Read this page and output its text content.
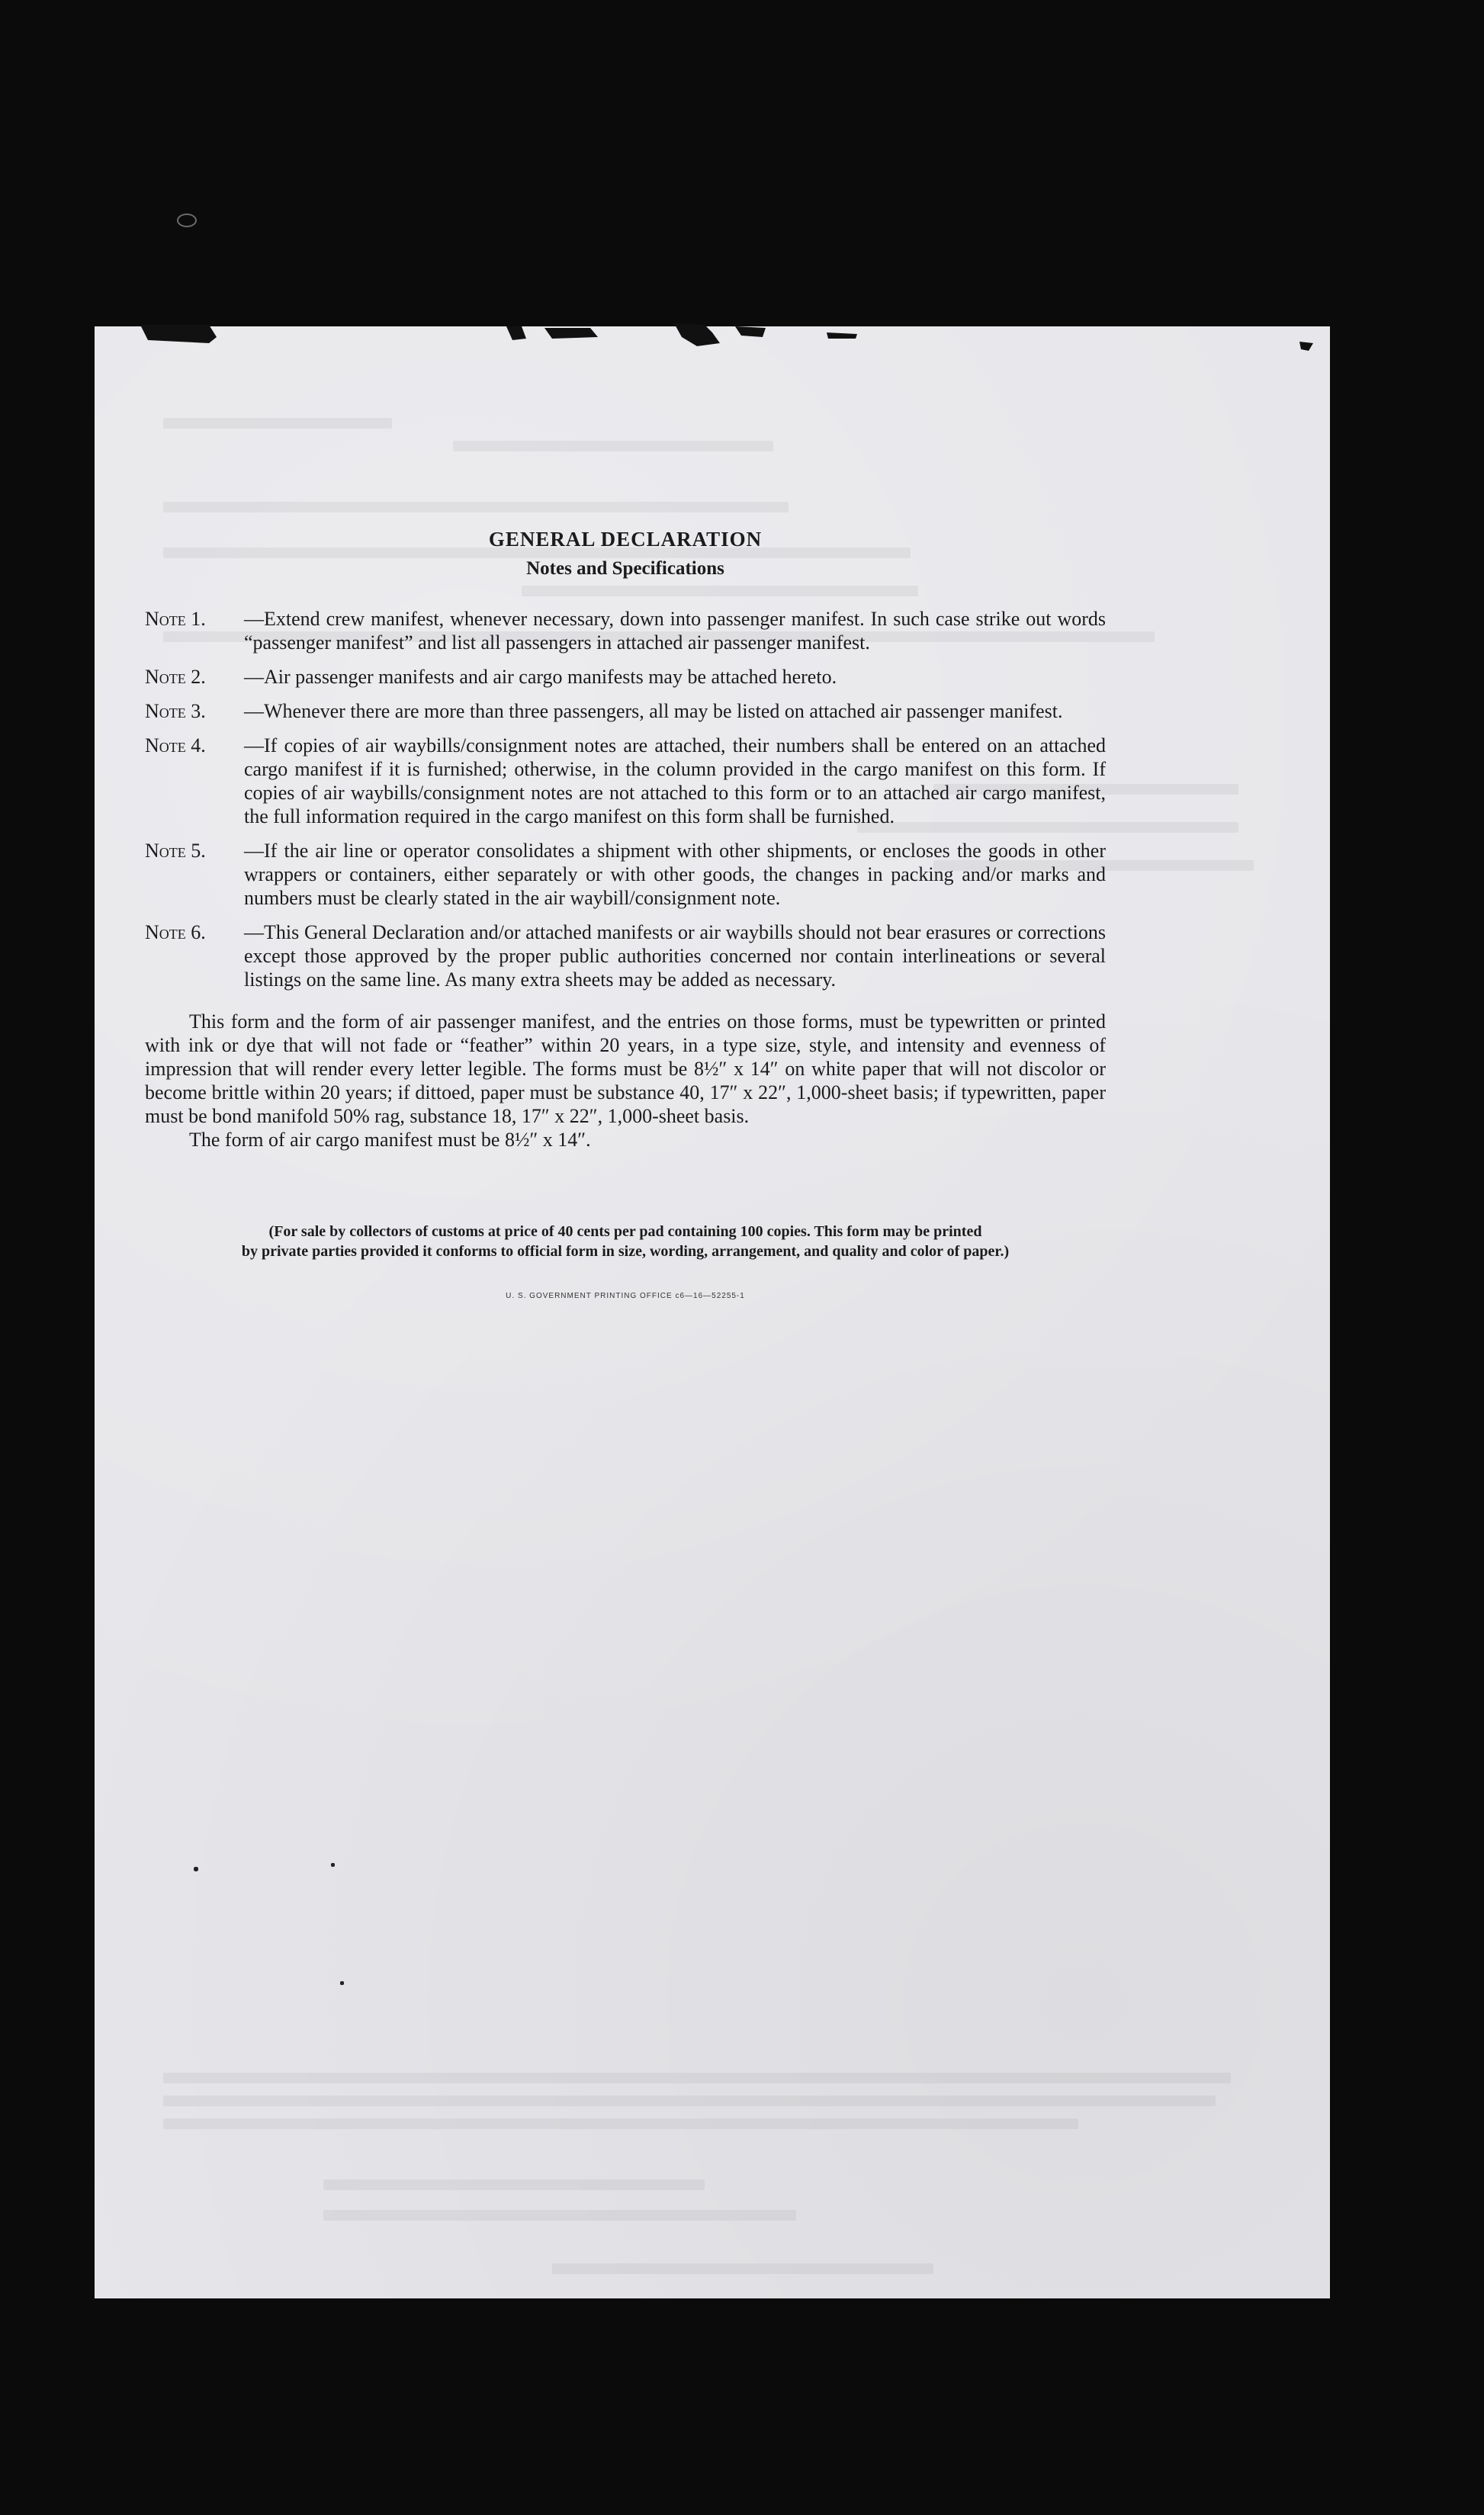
GENERAL DECLARATION
Notes and Specifications
Note 1.	—Extend crew manifest, whenever necessary, down into passenger manifest. In such case strike out words “passenger manifest” and list all passengers in attached air passenger manifest.
Note 2.	—Air passenger manifests and air cargo manifests may be attached hereto.
Note 3.	—Whenever there are more than three passengers, all may be listed on attached air passenger manifest.
Note 4.	—If copies of air waybills/consignment notes are attached, their numbers shall be entered on an attached cargo manifest if it is furnished; otherwise, in the column provided in the cargo manifest on this form. If copies of air waybills/consignment notes are not attached to this form or to an attached air cargo manifest, the full information required in the cargo manifest on this form shall be furnished.
Note 5.	—If the air line or operator consolidates a shipment with other shipments, or encloses the goods in other wrappers or containers, either separately or with other goods, the changes in packing and/or marks and numbers must be clearly stated in the air waybill/consignment note.
Note 6.	—This General Declaration and/or attached manifests or air waybills should not bear erasures or corrections except those approved by the proper public authorities concerned nor contain interlineations or several listings on the same line. As many extra sheets may be added as necessary.

This form and the form of air passenger manifest, and the entries on those forms, must be typewritten or printed with ink or dye that will not fade or “feather” within 20 years, in a type size, style, and intensity and evenness of impression that will render every letter legible. The forms must be 8½″ x 14″ on white paper that will not discolor or become brittle within 20 years; if dittoed, paper must be substance 40, 17″ x 22″, 1,000-sheet basis; if typewritten, paper must be bond manifold 50% rag, substance 18, 17″ x 22″, 1,000-sheet basis.

The form of air cargo manifest must be 8½″ x 14″.

(For sale by collectors of customs at price of 40 cents per pad containing 100 copies. This form may be printed
by private parties provided it conforms to official form in size, wording, arrangement, and quality and color of paper.)
U. S. GOVERNMENT PRINTING OFFICE c6—16—52255-1
